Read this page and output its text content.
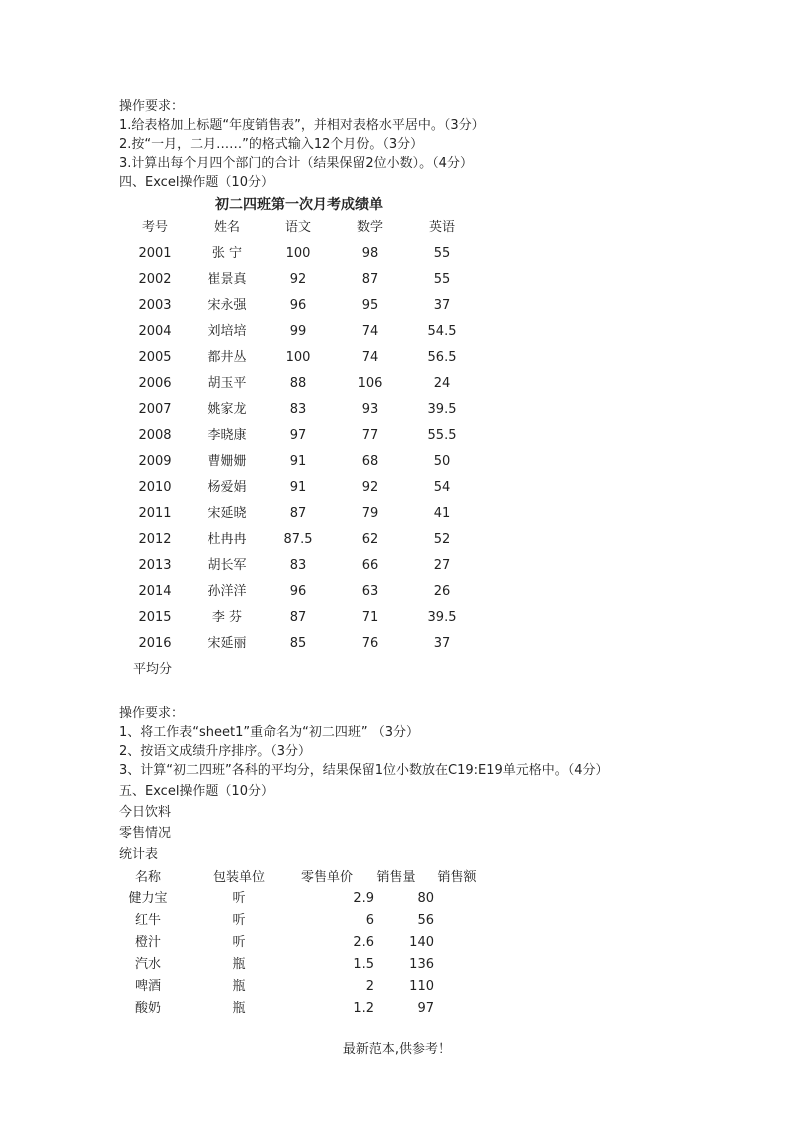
操作要求：
1.给表格加上标题“年度销售表”，并相对表格水平居中。（3分）
2.按“一月，二月……”的格式输入12个月份。（3分）
3.计算出每个月四个部门的合计（结果保留2位小数）。（4分）
四、Excel操作题（10分）
初二四班第一次月考成绩单
考号	姓名	语文	数学	英语
2001	张 宁	100	98	55
2002	崔景真	92	87	55
2003	宋永强	96	95	37
2004	刘培培	99	74	54.5
2005	都井丛	100	74	56.5
2006	胡玉平	88	106	24
2007	姚家龙	83	93	39.5
2008	李晓康	97	77	55.5
2009	曹姗姗	91	68	50
2010	杨爱娟	91	92	54
2011	宋延晓	87	79	41
2012	杜冉冉	87.5	62	52
2013	胡长军	83	66	27
2014	孙洋洋	96	63	26
2015	李 芬	87	71	39.5
2016	宋延丽	85	76	37
平均分
操作要求：
1、将工作表“sheet1”重命名为“初二四班” （3分）
2、按语文成绩升序排序。（3分）
3、计算“初二四班”各科的平均分，结果保留1位小数放在C19:E19单元格中。（4分）
五、Excel操作题（10分）
今日饮料
零售情况
统计表
名称	包装单位	零售单价 销售量 销售额
健力宝	听	2.9	80
红牛	听	6	56
橙汁	听	2.6	140
汽水	瓶	1.5	136
啤酒	瓶	2	110
酸奶	瓶	1.2	97
最新范本,供参考！
